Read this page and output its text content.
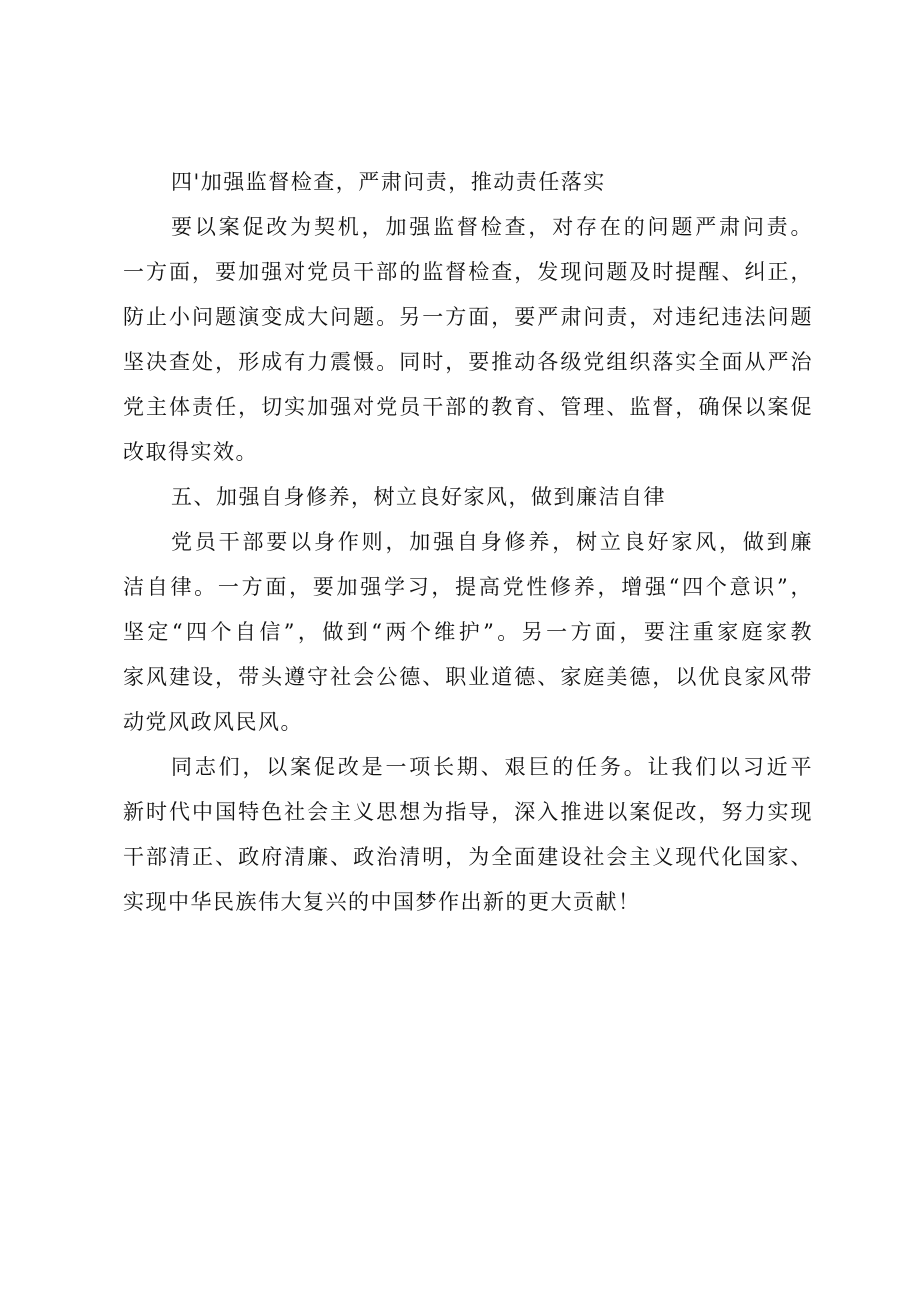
四'加强监督检查，严肃问责，推动责任落实
要以案促改为契机，加强监督检查，对存在的问题严肃问责。
一方面，要加强对党员干部的监督检查，发现问题及时提醒、纠正，
防止小问题演变成大问题。另一方面，要严肃问责，对违纪违法问题
坚决查处，形成有力震慑。同时，要推动各级党组织落实全面从严治
党主体责任，切实加强对党员干部的教育、管理、监督，确保以案促
改取得实效。
五、加强自身修养，树立良好家风，做到廉洁自律
党员干部要以身作则，加强自身修养，树立良好家风，做到廉
洁自律。一方面，要加强学习，提高党性修养，增强“四个意识”，
坚定“四个自信”，做到“两个维护”。另一方面，要注重家庭家教
家风建设，带头遵守社会公德、职业道德、家庭美德，以优良家风带
动党风政风民风。
同志们，以案促改是一项长期、艰巨的任务。让我们以习近平
新时代中国特色社会主义思想为指导，深入推进以案促改，努力实现
干部清正、政府清廉、政治清明，为全面建设社会主义现代化国家、
实现中华民族伟大复兴的中国梦作出新的更大贡献！
